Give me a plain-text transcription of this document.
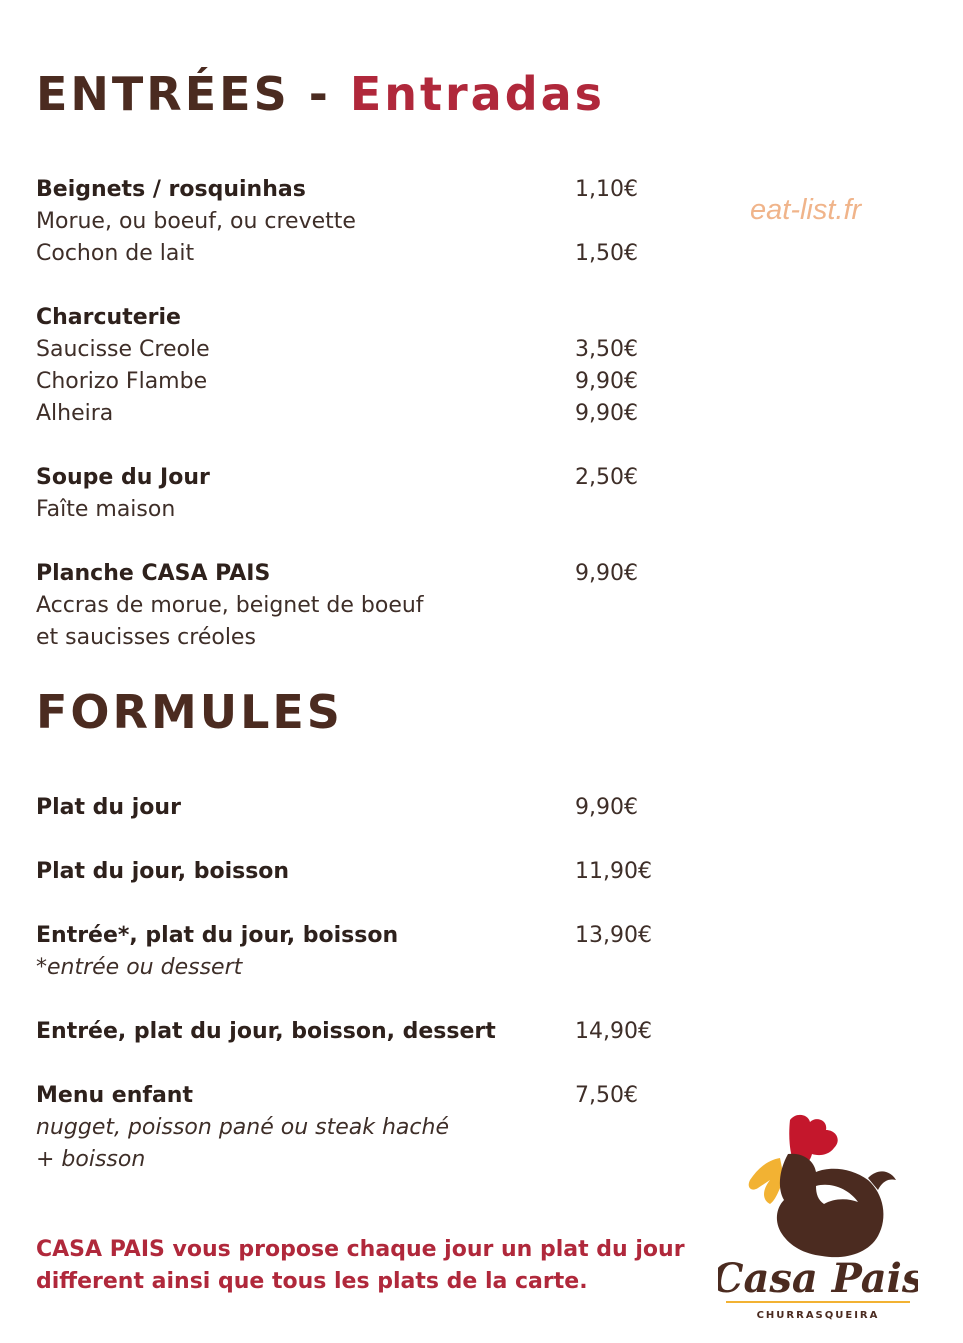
ENTRÉES - Entradas
eat-list.fr
Beignets / rosquinhas	1,10€
Morue, ou boeuf, ou crevette
Cochon de lait	1,50€
Charcuterie
Saucisse Creole	3,50€
Chorizo Flambe	9,90€
Alheira	9,90€
Soupe du Jour	2,50€
Faîte maison
Planche CASA PAIS	9,90€
Accras de morue, beignet de boeuf
et saucisses créoles
FORMULES
Plat du jour	9,90€
Plat du jour, boisson	11,90€
Entrée*, plat du jour, boisson	13,90€
*entrée ou dessert
Entrée, plat du jour, boisson, dessert	14,90€
Menu enfant	7,50€
nugget, poisson pané ou steak haché
+ boisson
CASA PAIS vous propose chaque jour un plat du jour
different ainsi que tous les plats de la carte.	Casa Pais
CHURRASQUEIRA
